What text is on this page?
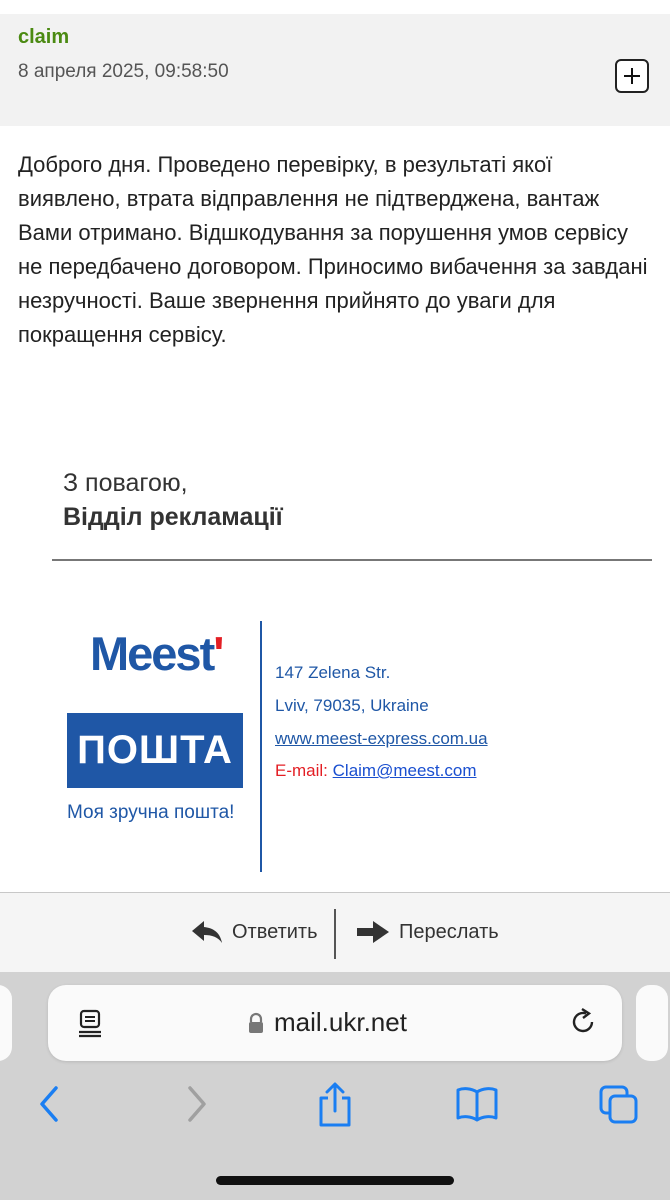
claim
8 апреля 2025, 09:58:50
Доброго дня. Проведено перевірку, в результаті якої виявлено, втрата відправлення не підтверджена, вантаж Вами отримано. Відшкодування за порушення умов сервісу не передбачено договором. Приносимо вибачення за завдані незручності. Ваше звернення прийнято до уваги для покращення сервісу.
З повагою,
Відділ рекламації
Meest'
ПОШТА
Моя зручна пошта!
147 Zelena Str.
Lviv, 79035, Ukraine
www.meest-express.com.ua
E-mail: Claim@meest.com
Ответить	Переслать
mail.ukr.net
